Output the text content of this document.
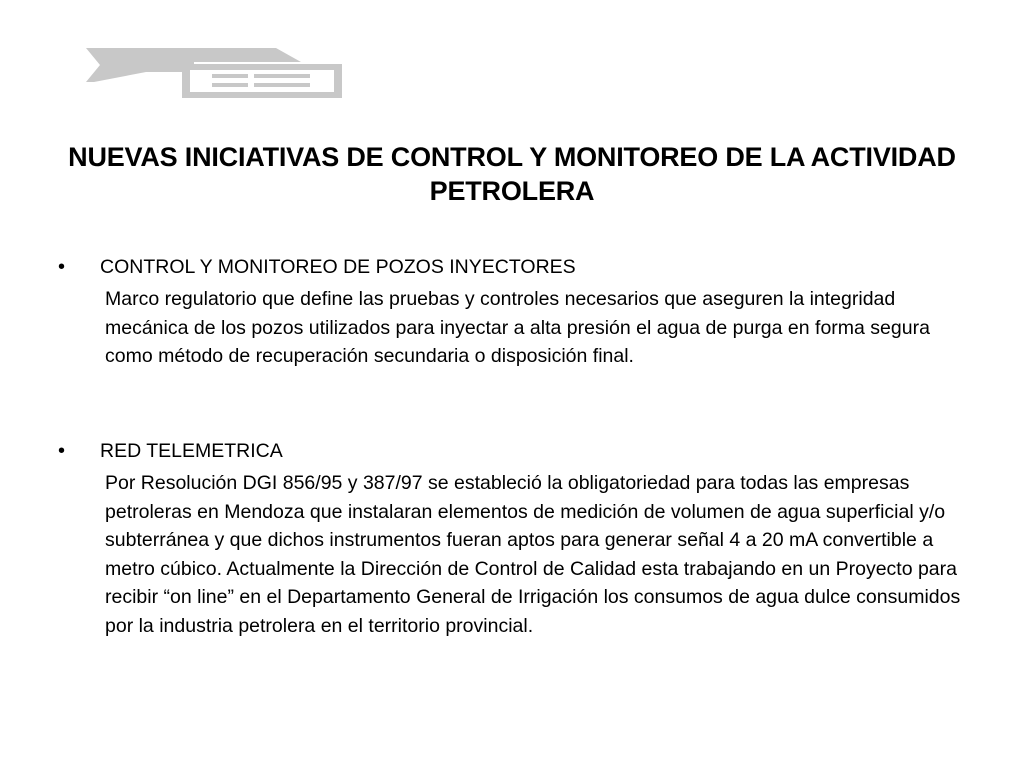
NUEVAS INICIATIVAS DE CONTROL Y MONITOREO DE LA ACTIVIDAD PETROLERA
•	CONTROL Y MONITOREO DE POZOS INYECTORES

Marco regulatorio que define las pruebas y controles necesarios que aseguren la integridad mecánica de los pozos utilizados para inyectar a alta presión el agua de purga en forma segura como método de recuperación secundaria o disposición final.

•	RED TELEMETRICA

Por Resolución DGI 856/95 y 387/97 se estableció la obligatoriedad para todas las empresas petroleras en Mendoza que instalaran elementos de medición de volumen de agua superficial y/o subterránea y que dichos instrumentos fueran aptos para generar señal 4 a 20 mA convertible a metro cúbico. Actualmente la Dirección de Control de Calidad esta trabajando en un Proyecto para recibir “on line” en el Departamento General de Irrigación los consumos de agua dulce consumidos por la industria petrolera en el territorio provincial.
